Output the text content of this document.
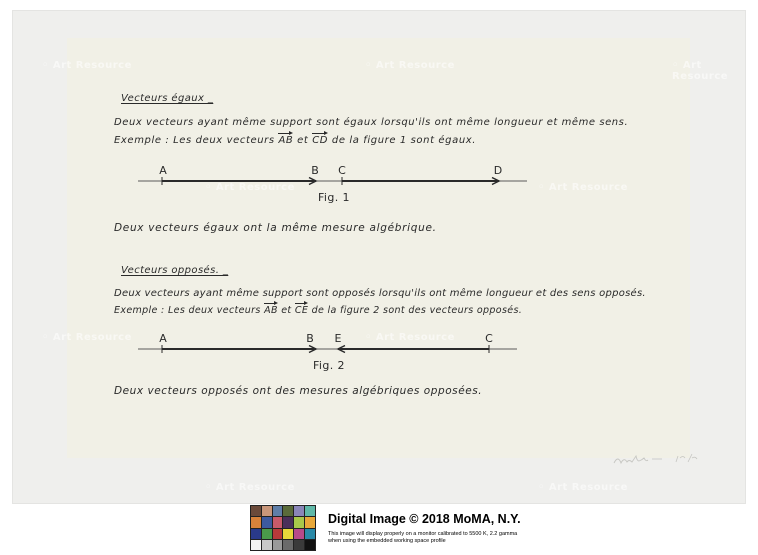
◦ Art Resource	◦ Art Resource	◦ Art Resource
◦ Art Resource	◦ Art Resource
◦ Art Resource	◦ Art Resource
◦ Art Resource	◦ Art Resource
Vecteurs égaux _
Deux vecteurs ayant même support sont égaux lorsqu'ils ont même longueur et même sens.
Exemple : Les deux vecteurs AB et CD de la figure 1 sont égaux.
A	B C	D
Fig. 1
Deux vecteurs égaux ont la même mesure algébrique.
Vecteurs opposés. _
Deux vecteurs ayant même support sont opposés lorsqu'ils ont même longueur et des sens opposés.
Exemple : Les deux vecteurs AB et CE de la figure 2 sont des vecteurs opposés.
A	B E	C
Fig. 2
Deux vecteurs opposés ont des mesures algébriques opposées.
Digital Image © 2018 MoMA, N.Y.
This image will display properly on a monitor calibrated to 5500 K, 2.2 gamma when using the embedded working space profile
